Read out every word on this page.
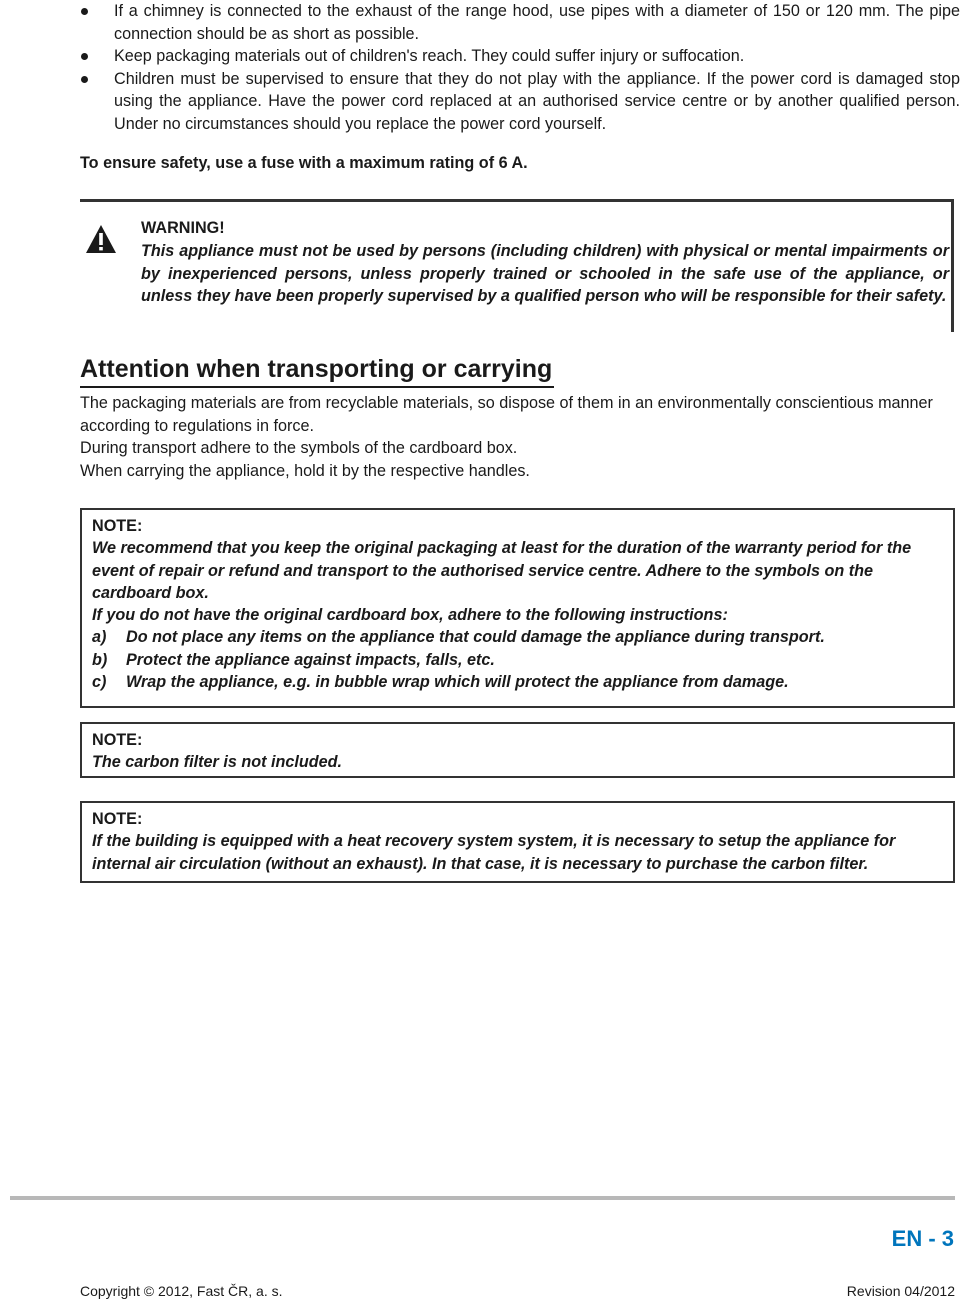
If a chimney is connected to the exhaust of the range hood, use pipes with a diameter of 150 or 120 mm. The pipe connection should be as short as possible.
Keep packaging materials out of children's reach. They could suffer injury or suffocation.
Children must be supervised to ensure that they do not play with the appliance. If the power cord is damaged stop using the appliance. Have the power cord replaced at an authorised service centre or by another qualified person. Under no circumstances should you replace the power cord yourself.
To ensure safety, use a fuse with a maximum rating of 6 A.
WARNING!
This appliance must not be used by persons (including children) with physical or mental impairments or by inexperienced persons, unless properly trained or schooled in the safe use of the appliance, or unless they have been properly supervised by a qualified person who will be responsible for their safety.
Attention when transporting or carrying

The packaging materials are from recyclable materials, so dispose of them in an environmentally conscientious manner according to regulations in force.

During transport adhere to the symbols of the cardboard box.

When carrying the appliance, hold it by the respective handles.

NOTE:

We recommend that you keep the original packaging at least for the duration of the warranty period for the event of repair or refund and transport to the authorised service centre. Adhere to the symbols on the cardboard box.

If you do not have the original cardboard box, adhere to the following instructions:

a) Do not place any items on the appliance that could damage the appliance during transport.
b) Protect the appliance against impacts, falls, etc.
c) Wrap the appliance, e.g. in bubble wrap which will protect the appliance from damage.

NOTE:

The carbon filter is not included.

NOTE:

If the building is equipped with a heat recovery system system, it is necessary to setup the appliance for internal air circulation (without an exhaust). In that case, it is necessary to purchase the carbon filter.

EN - 3
Copyright © 2012, Fast ČR, a. s.	Revision 04/2012
